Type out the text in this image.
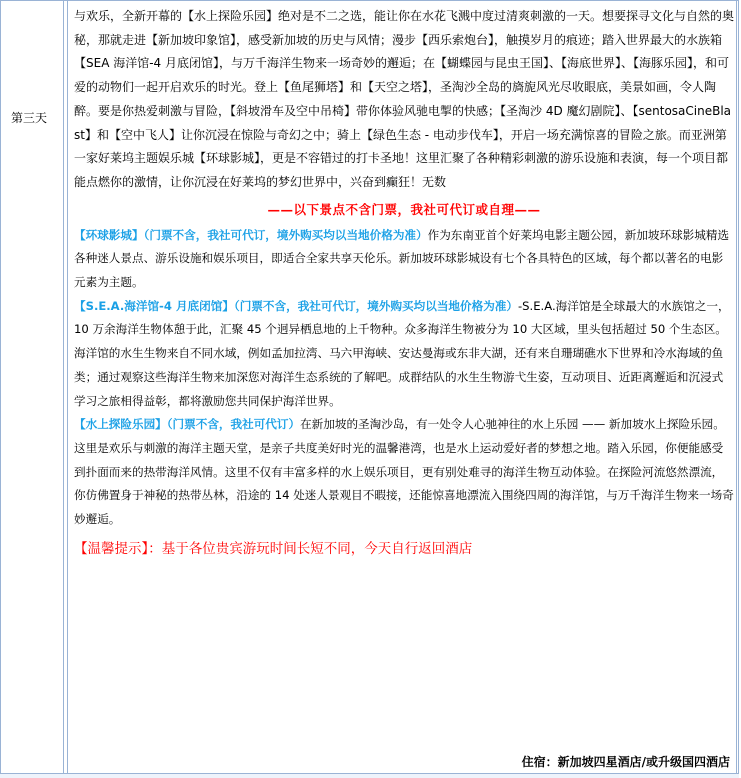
第三天

与欢乐，全新开幕的【水上探险乐园】绝对是不二之选，能让你在水花飞溅中度过清爽刺激的一天。想要探寻文化与自然的奥秘，那就走进【新加坡印象馆】，感受新加坡的历史与风情；漫步【西乐索炮台】，触摸岁月的痕迹；踏入世界最大的水族箱【SEA 海洋馆-4 月底闭馆】，与万千海洋生物来一场奇妙的邂逅；在【蝴蝶园与昆虫王国】、【海底世界】、【海豚乐园】，和可爱的动物们一起开启欢乐的时光。登上【鱼尾狮塔】和【天空之塔】，圣淘沙全岛的旖旎风光尽收眼底，美景如画，令人陶醉。要是你热爱刺激与冒险，【斜坡滑车及空中吊椅】带你体验风驰电掣的快感；【圣淘沙 4D 魔幻剧院】、【sentosaCineBlast】和【空中飞人】让你沉浸在惊险与奇幻之中；骑上【绿色生态 - 电动步伐车】，开启一场充满惊喜的冒险之旅。而亚洲第一家好莱坞主题娱乐城【环球影城】，更是不容错过的打卡圣地！这里汇聚了各种精彩刺激的游乐设施和表演，每一个项目都能点燃你的激情，让你沉浸在好莱坞的梦幻世界中，兴奋到癫狂！无数

——以下景点不含门票，我社可代订或自理——

【环球影城】（门票不含，我社可代订，境外购买均以当地价格为准）作为东南亚首个好莱坞电影主题公园，新加坡环球影城精选各种迷人景点、游乐设施和娱乐项目，即适合全家共享天伦乐。新加坡环球影城设有七个各具特色的区域，每个都以著名的电影元素为主题。

【S.E.A.海洋馆-4 月底闭馆】（门票不含，我社可代订，境外购买均以当地价格为准）-S.E.A.海洋馆是全球最大的水族馆之一，10 万余海洋生物体憩于此，汇聚 45 个迥异栖息地的上千物种。众多海洋生物被分为 10 大区域，里头包括超过 50 个生态区。海洋馆的水生生物来自不同水域，例如孟加拉湾、马六甲海峡、安达曼海或东非大湖，还有来自珊瑚礁水下世界和冷水海域的鱼类；通过观察这些海洋生物来加深您对海洋生态系统的了解吧。成群结队的水生生物游弋生姿，互动项目、近距离邂逅和沉浸式学习之旅相得益彰，都将激励您共同保护海洋世界。

【水上探险乐园】（门票不含，我社可代订）在新加坡的圣淘沙岛，有一处令人心驰神往的水上乐园 —— 新加坡水上探险乐园。这里是欢乐与刺激的海洋主题天堂，是亲子共度美好时光的温馨港湾，也是水上运动爱好者的梦想之地。踏入乐园，你便能感受到扑面而来的热带海洋风情。这里不仅有丰富多样的水上娱乐项目，更有别处难寻的海洋生物互动体验。在探险河流悠然漂流，你仿佛置身于神秘的热带丛林，沿途的 14 处迷人景观目不暇接，还能惊喜地漂流入围绕四周的海洋馆，与万千海洋生物来一场奇妙邂逅。

【温馨提示】：基于各位贵宾游玩时间长短不同，今天自行返回酒店

住宿：新加坡四星酒店/或升级国四酒店
